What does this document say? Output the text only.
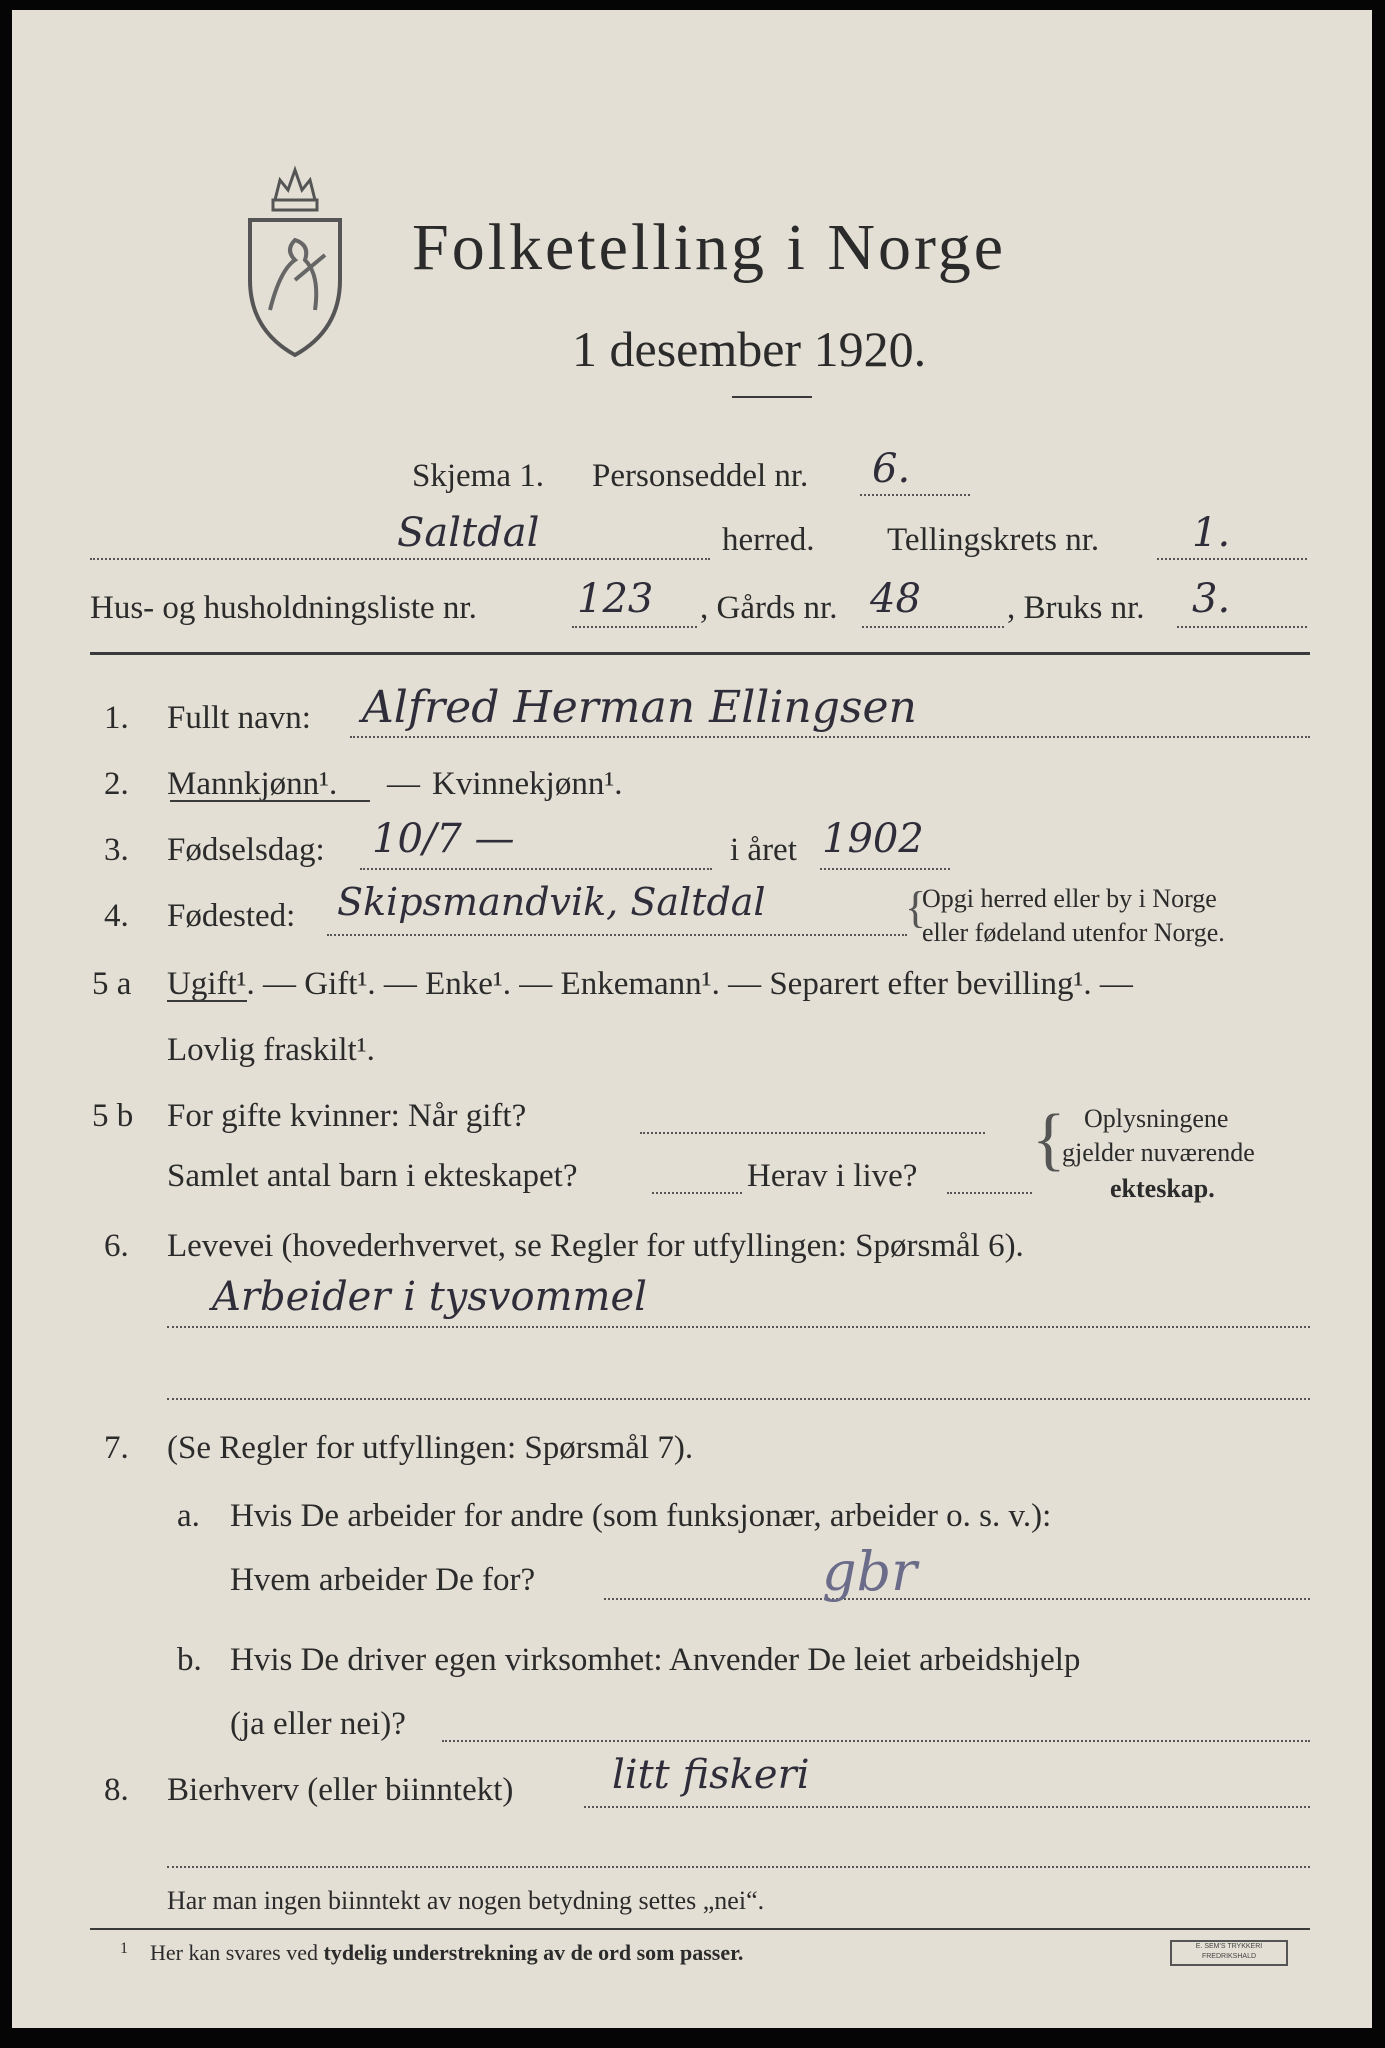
Folketelling i Norge
1 desember 1920.
Skjema 1. Personseddel nr. 6.
Saltdal	herred. Tellingskrets nr. 1.
Hus- og husholdningsliste nr.	123 , Gårds nr. 48	, Bruks nr. 3.
1. Fullt navn: Alfred Herman Ellingsen
2. Mannkjønn¹. — Kvinnekjønn¹.
3. Fødselsdag: 10/7 —	i året 1902
4. Fødested: Skipsmandvik, Saltdal	Opgi herred eller by i Norge
eller fødeland utenfor Norge.
{
5 a Ugift¹. — Gift¹. — Enke¹. — Enkemann¹. — Separert efter bevilling¹. —
Lovlig fraskilt¹.
5 b For gifte kvinner: Når gift?
Samlet antal barn i ekteskapet?	Herav i live? { Oplysningene
gjelder nuværende
ekteskap.
6. Levevei (hovederhvervet, se Regler for utfyllingen: Spørsmål 6).
Arbeider i tysvommel
7. (Se Regler for utfyllingen: Spørsmål 7).
a. Hvis De arbeider for andre (som funksjonær, arbeider o. s. v.):
Hvem arbeider De for?	gbr
b. Hvis De driver egen virksomhet: Anvender De leiet arbeidshjelp
(ja eller nei)?
8. Bierhverv (eller biinntekt) litt fiskeri
Har man ingen biinntekt av nogen betydning settes „nei“.
1 Her kan svares ved tydelig understrekning av de ord som passer.	E. SEM'S TRYKKERI FREDRIKSHALD
